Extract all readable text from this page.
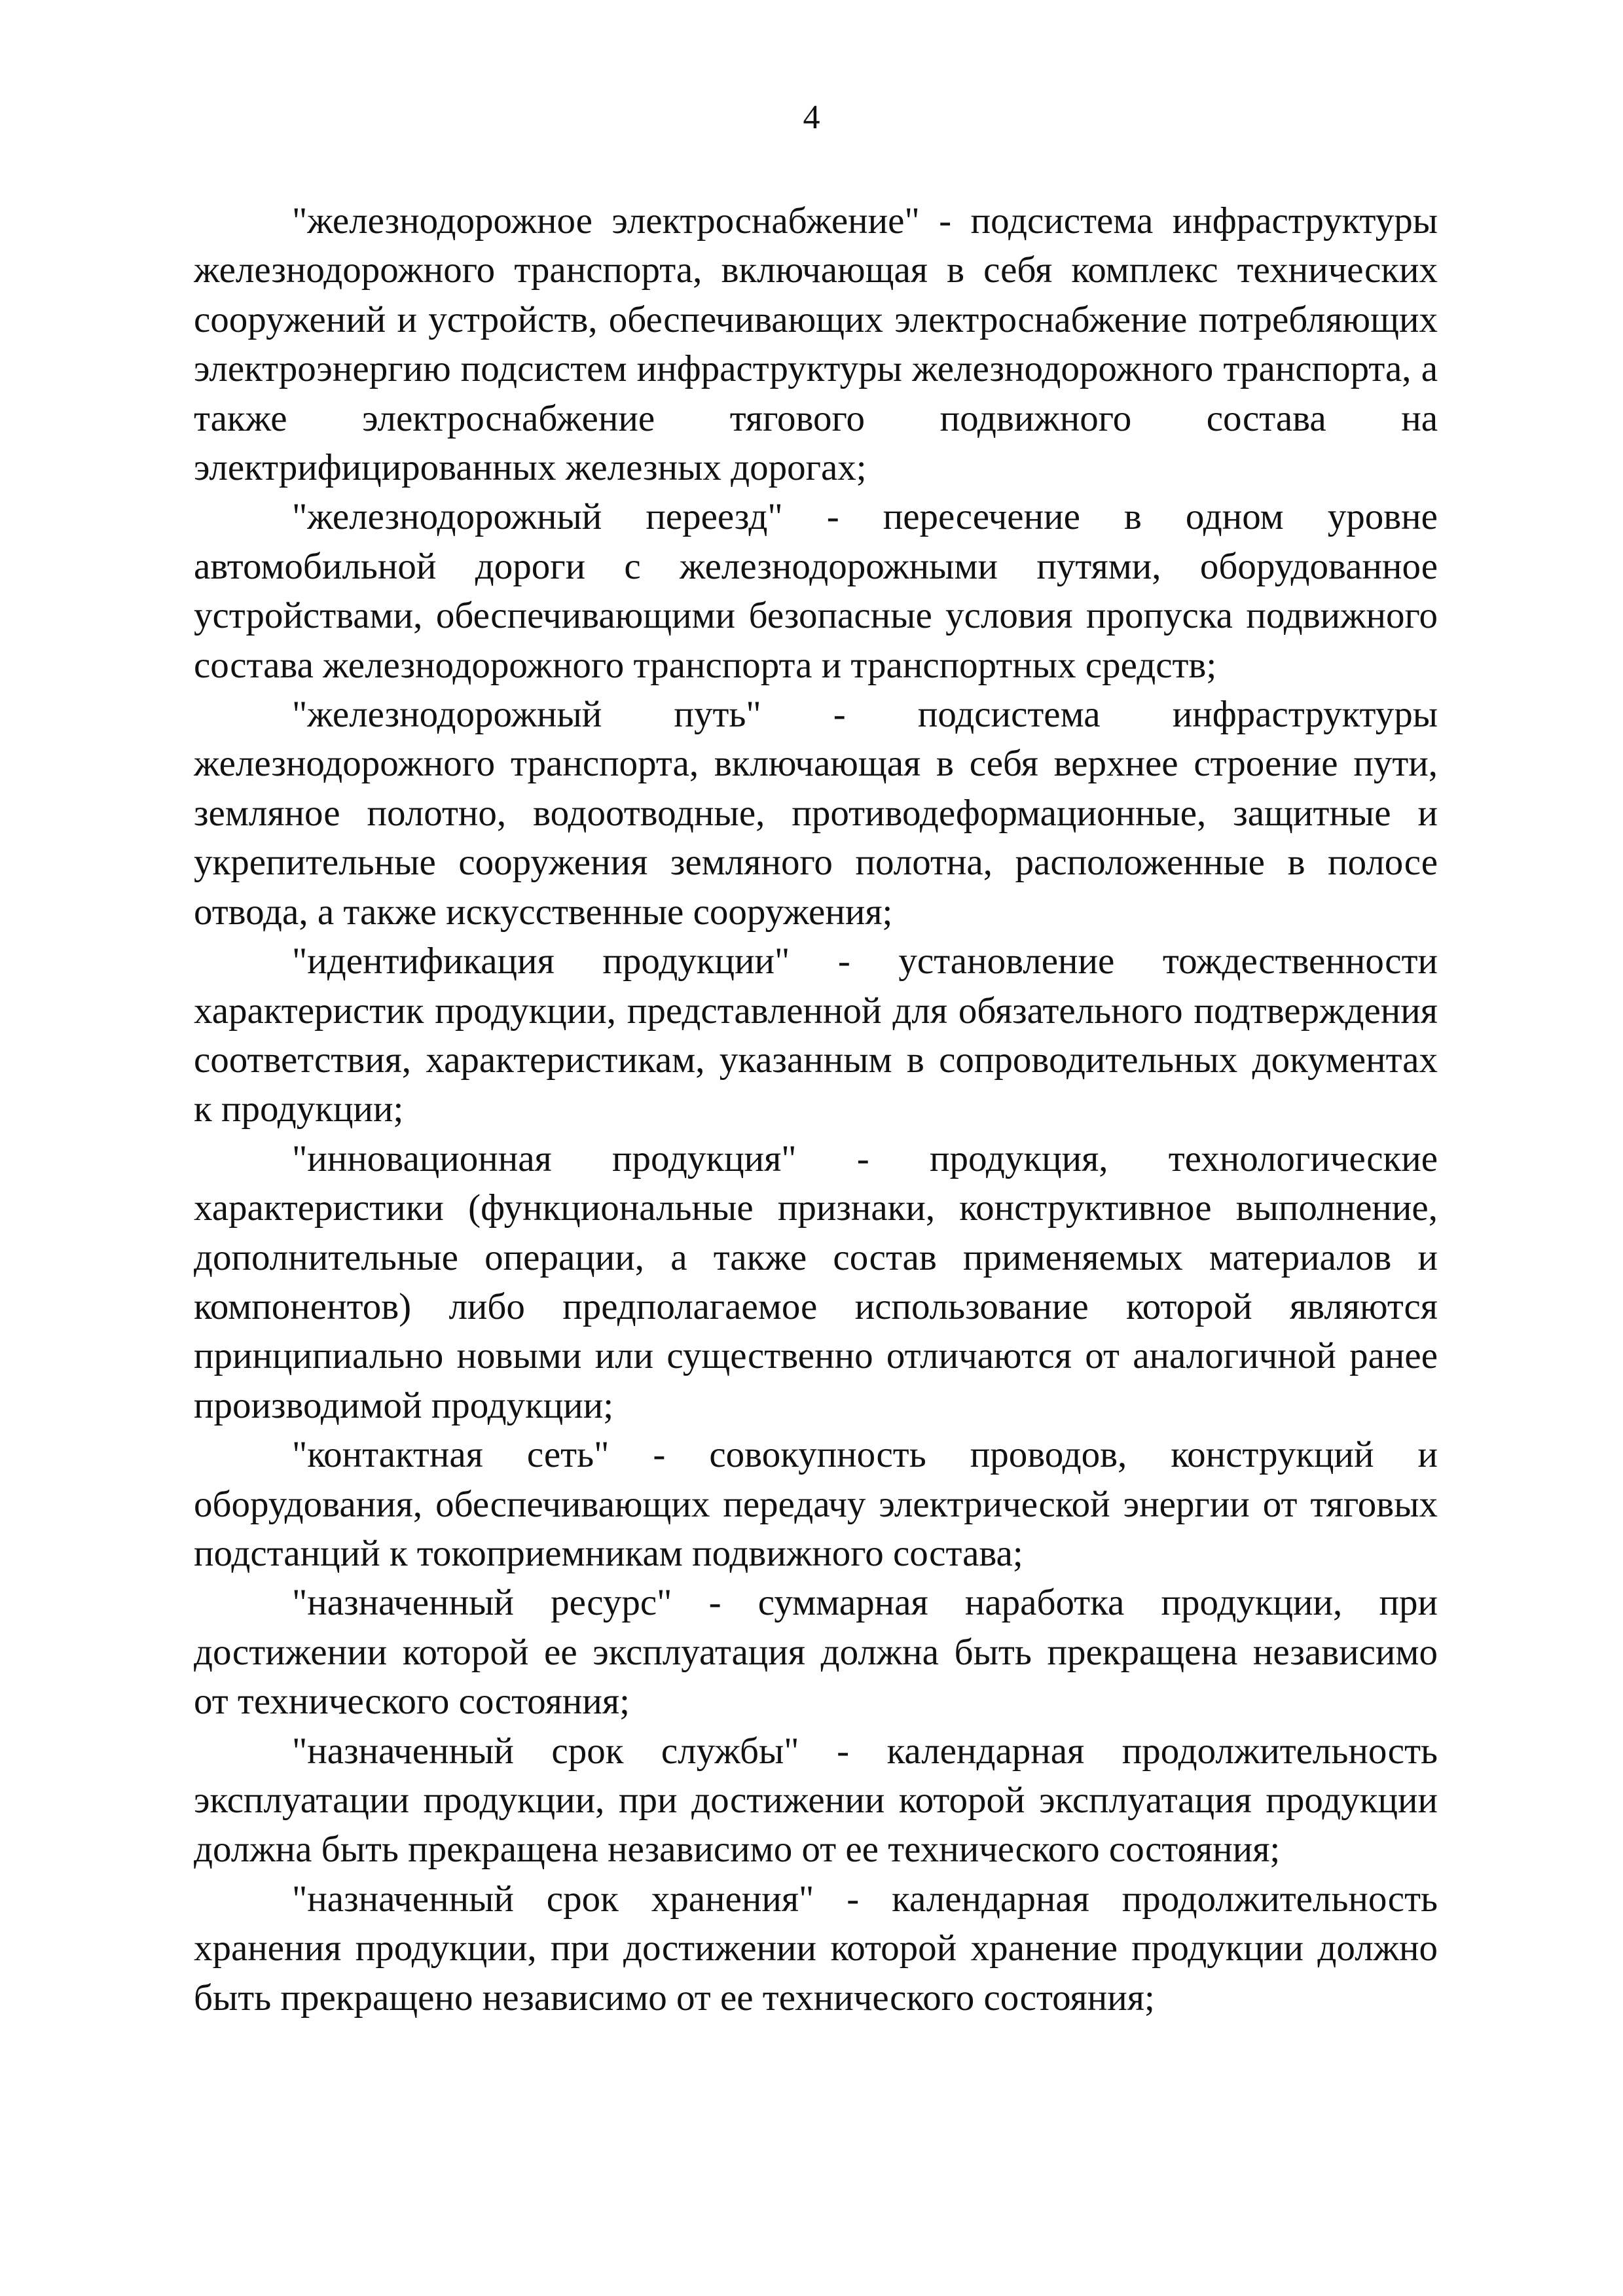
4

"железнодорожное электроснабжение" - подсистема инфраструктуры железнодорожного транспорта, включающая в себя комплекс технических сооружений и устройств, обеспечивающих электроснабжение потребляющих электроэнергию подсистем инфраструктуры железнодорожного транспорта, а также электроснабжение тягового подвижного состава на электрифицированных железных дорогах;

"железнодорожный переезд" - пересечение в одном уровне автомобильной дороги с железнодорожными путями, оборудованное устройствами, обеспечивающими безопасные условия пропуска подвижного состава железнодорожного транспорта и транспортных средств;

"железнодорожный путь" - подсистема инфраструктуры железнодорожного транспорта, включающая в себя верхнее строение пути, земляное полотно, водоотводные, противодеформационные, защитные и укрепительные сооружения земляного полотна, расположенные в полосе отвода, а также искусственные сооружения;

"идентификация продукции" - установление тождественности характеристик продукции, представленной для обязательного подтверждения соответствия, характеристикам, указанным в сопроводительных документах к продукции;

"инновационная продукция" - продукция, технологические характеристики (функциональные признаки, конструктивное выполнение, дополнительные операции, а также состав применяемых материалов и компонентов) либо предполагаемое использование которой являются принципиально новыми или существенно отличаются от аналогичной ранее производимой продукции;

"контактная сеть" - совокупность проводов, конструкций и оборудования, обеспечивающих передачу электрической энергии от тяговых подстанций к токоприемникам подвижного состава;

"назначенный ресурс" - суммарная наработка продукции, при достижении которой ее эксплуатация должна быть прекращена независимо от технического состояния;

"назначенный срок службы" - календарная продолжительность эксплуатации продукции, при достижении которой эксплуатация продукции должна быть прекращена независимо от ее технического состояния;

"назначенный срок хранения" - календарная продолжительность хранения продукции, при достижении которой хранение продукции должно быть прекращено независимо от ее технического состояния;
